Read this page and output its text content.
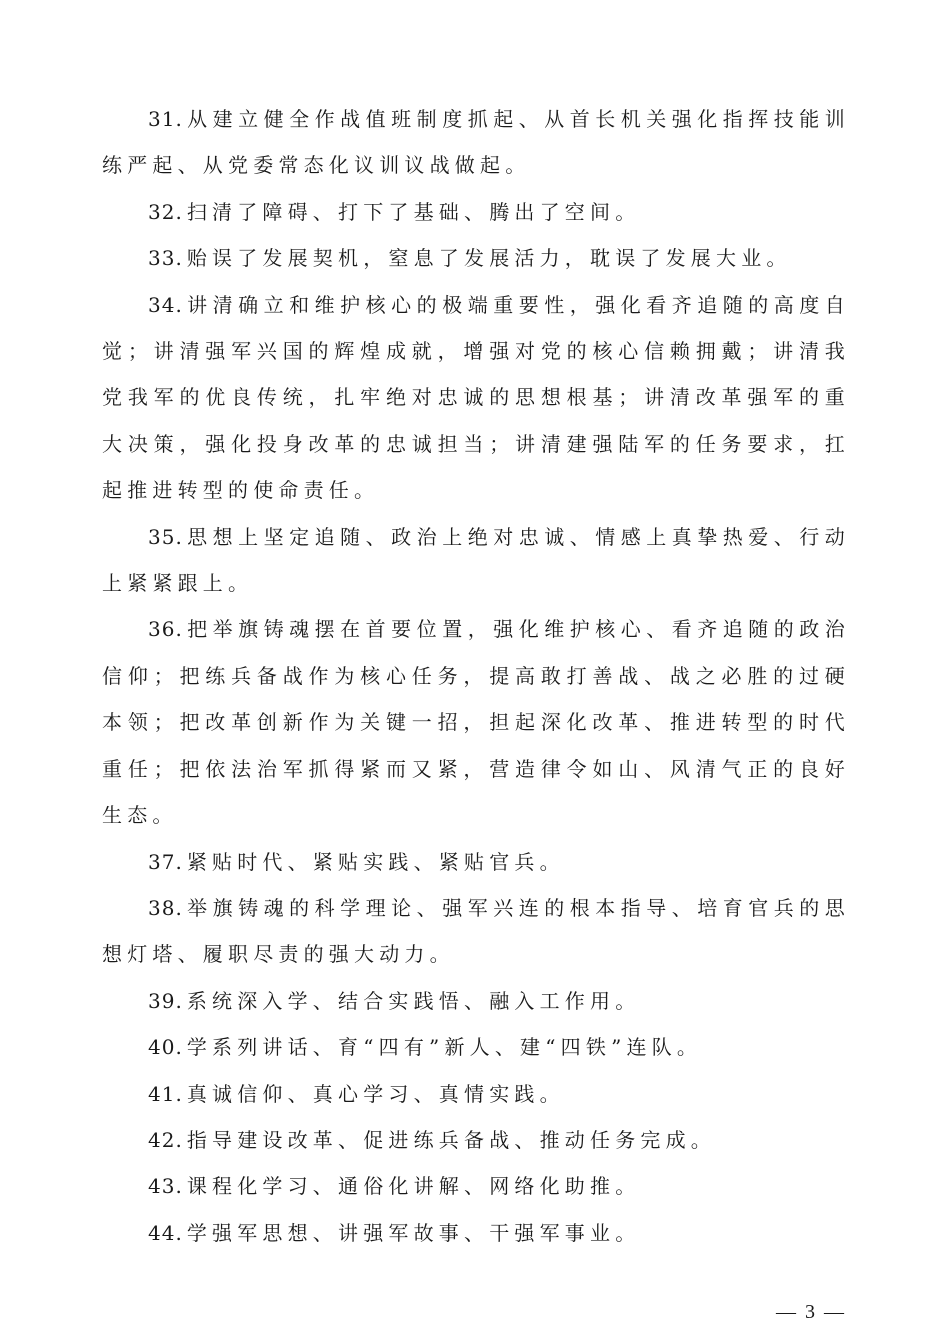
31. 从建立健全作战值班制度抓起、从首长机关强化指挥技能训练严起、从党委常态化议训议战做起。

32. 扫清了障碍、打下了基础、腾出了空间。

33. 贻误了发展契机，窒息了发展活力，耽误了发展大业。

34. 讲清确立和维护核心的极端重要性，强化看齐追随的高度自觉；讲清强军兴国的辉煌成就，增强对党的核心信赖拥戴；讲清我党我军的优良传统，扎牢绝对忠诚的思想根基；讲清改革强军的重大决策，强化投身改革的忠诚担当；讲清建强陆军的任务要求，扛起推进转型的使命责任。

35. 思想上坚定追随、政治上绝对忠诚、情感上真挚热爱、行动上紧紧跟上。

36. 把举旗铸魂摆在首要位置，强化维护核心、看齐追随的政治信仰；把练兵备战作为核心任务，提高敢打善战、战之必胜的过硬本领；把改革创新作为关键一招，担起深化改革、推进转型的时代重任；把依法治军抓得紧而又紧，营造律令如山、风清气正的良好生态。

37. 紧贴时代、紧贴实践、紧贴官兵。

38. 举旗铸魂的科学理论、强军兴连的根本指导、培育官兵的思想灯塔、履职尽责的强大动力。

39. 系统深入学、结合实践悟、融入工作用。

40. 学系列讲话、育“四有”新人、建“四铁”连队。

41. 真诚信仰、真心学习、真情实践。

42. 指导建设改革、促进练兵备战、推动任务完成。

43. 课程化学习、通俗化讲解、网络化助推。

44. 学强军思想、讲强军故事、干强军事业。

— 3 —
